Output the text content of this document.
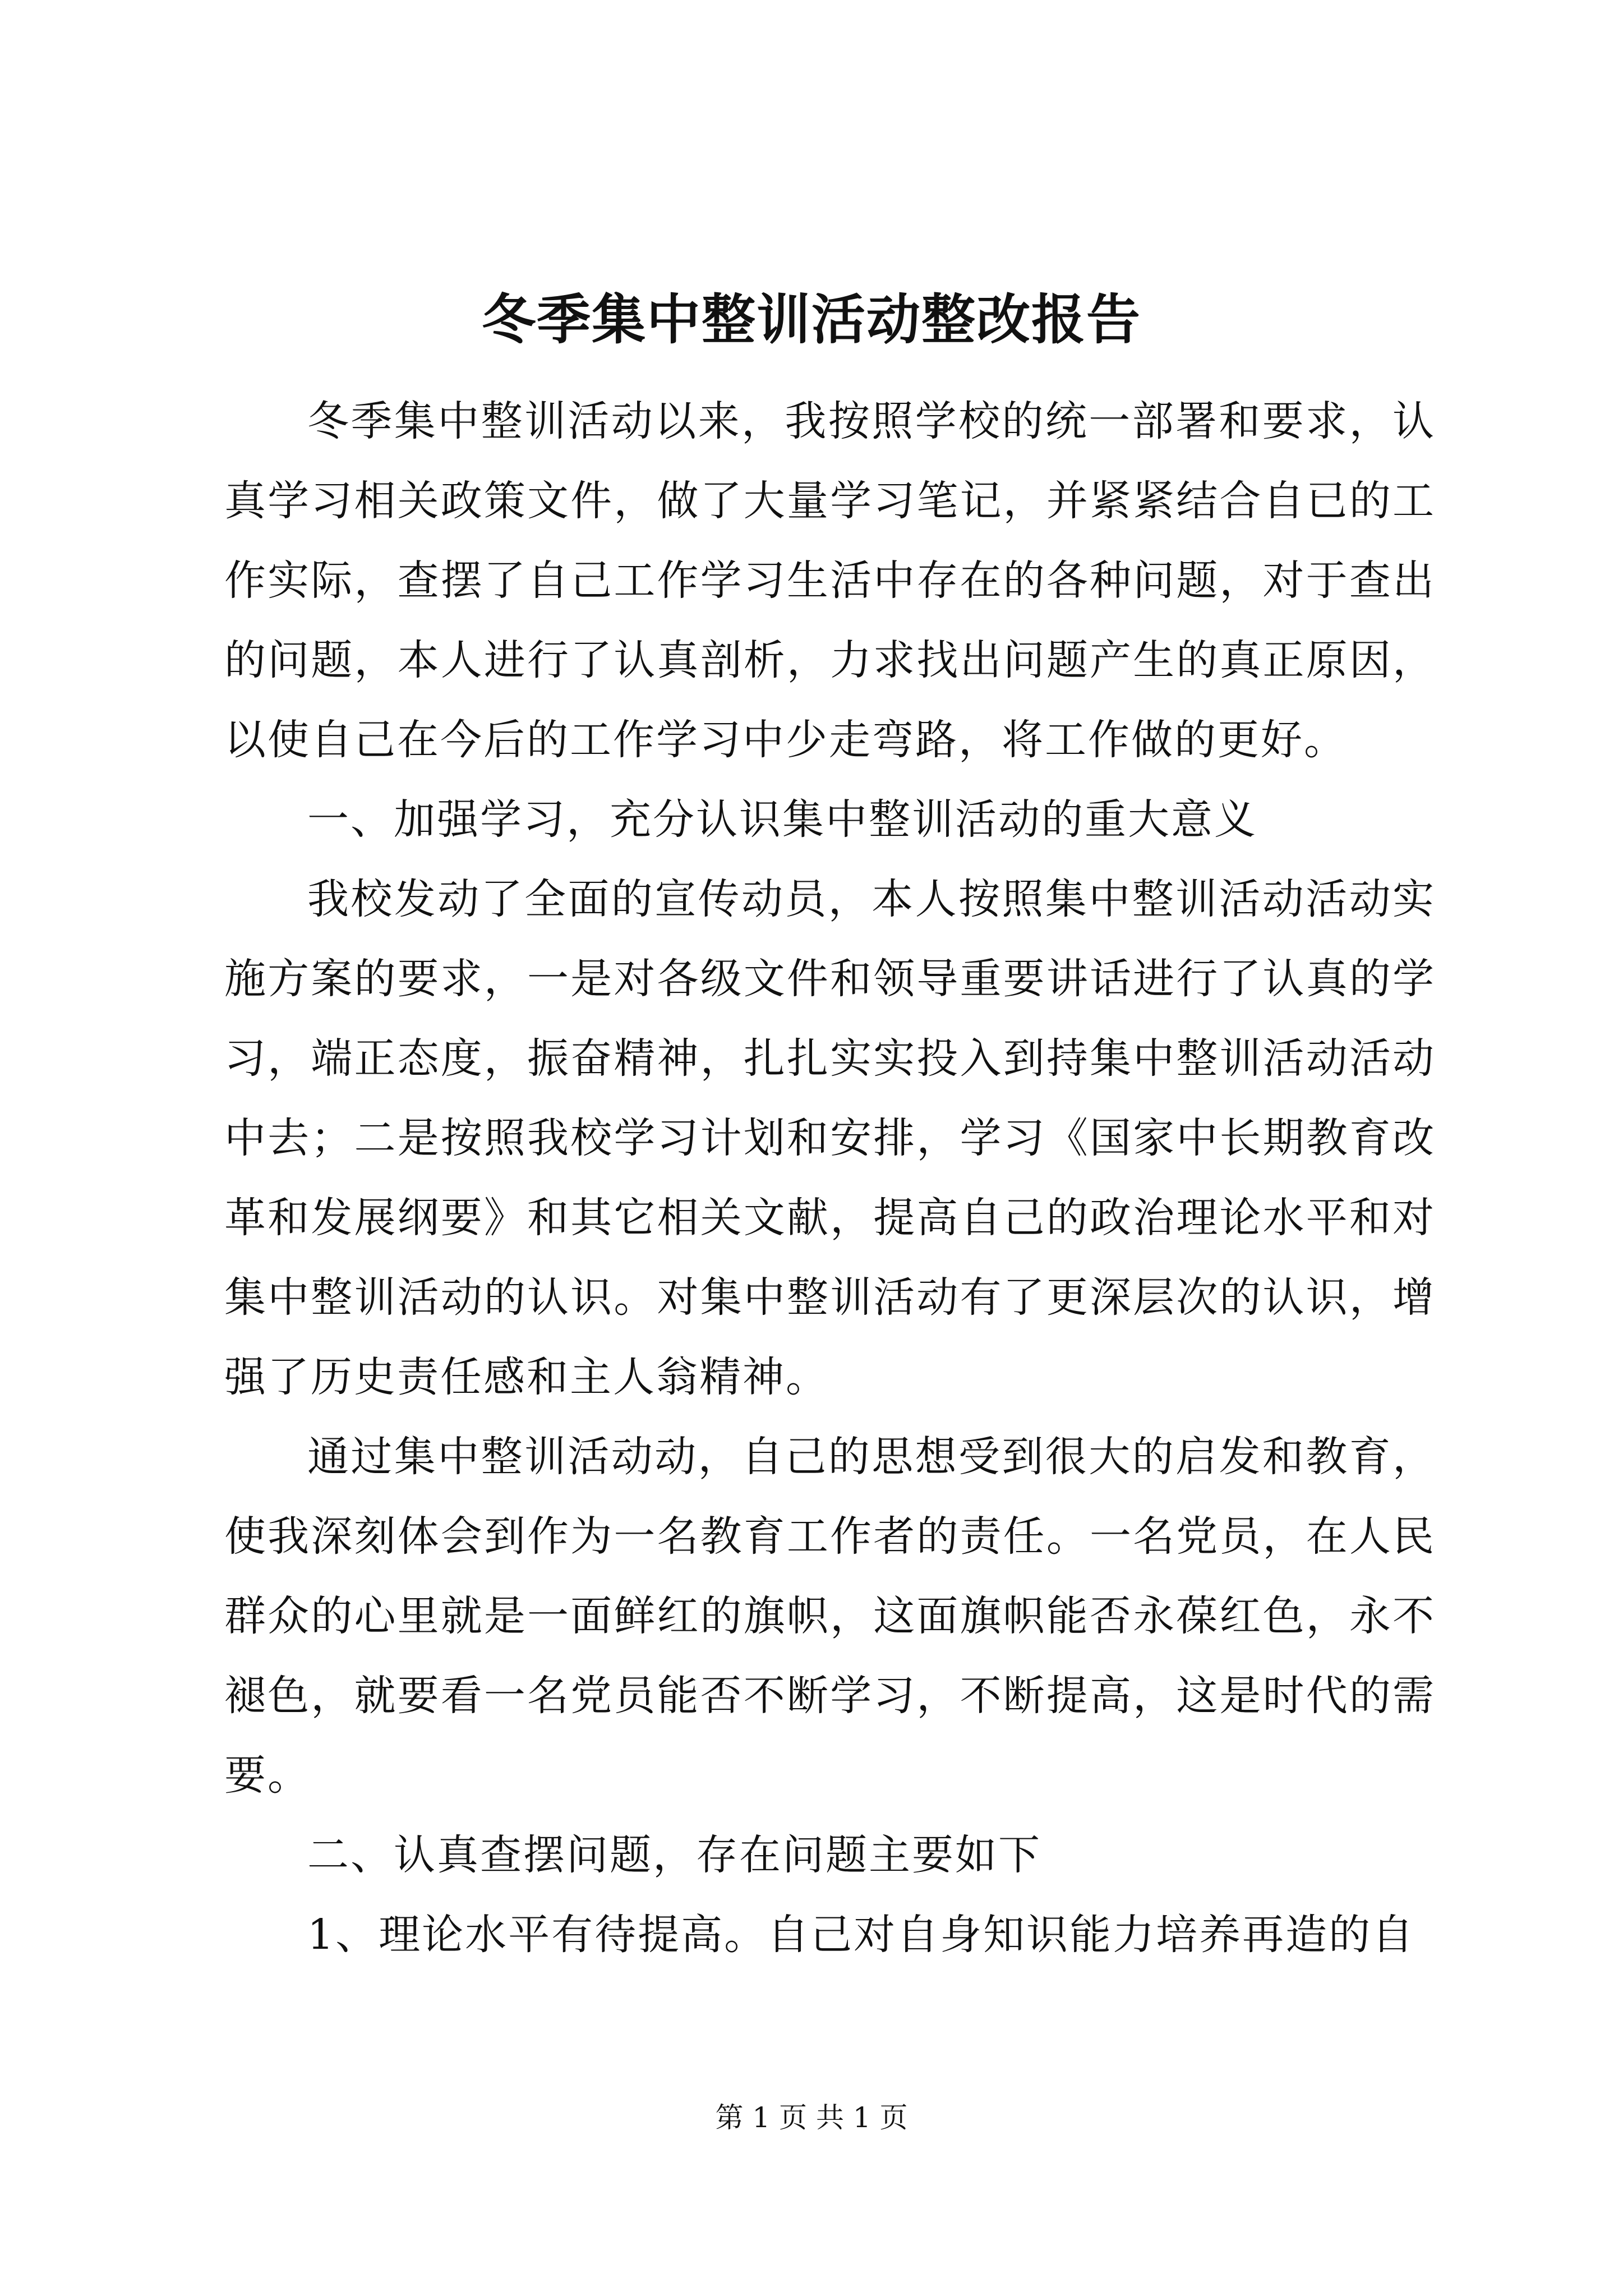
冬季集中整训活动整改报告

冬季集中整训活动以来，我按照学校的统一部署和要求，认真学习相关政策文件，做了大量学习笔记，并紧紧结合自已的工作实际，查摆了自己工作学习生活中存在的各种问题，对于查出的问题，本人进行了认真剖析，力求找出问题产生的真正原因，以使自己在今后的工作学习中少走弯路，将工作做的更好。

一、加强学习，充分认识集中整训活动的重大意义

我校发动了全面的宣传动员，本人按照集中整训活动活动实施方案的要求，一是对各级文件和领导重要讲话进行了认真的学习，端正态度，振奋精神，扎扎实实投入到持集中整训活动活动中去；二是按照我校学习计划和安排，学习《国家中长期教育改革和发展纲要》和其它相关文献，提高自己的政治理论水平和对集中整训活动的认识。对集中整训活动有了更深层次的认识，增强了历史责任感和主人翁精神。

通过集中整训活动动，自己的思想受到很大的启发和教育，使我深刻体会到作为一名教育工作者的责任。一名党员，在人民群众的心里就是一面鲜红的旗帜，这面旗帜能否永葆红色，永不褪色，就要看一名党员能否不断学习，不断提高，这是时代的需要。

二、认真查摆问题，存在问题主要如下

1、理论水平有待提高。自己对自身知识能力培养再造的自

第 1 页 共 1 页
